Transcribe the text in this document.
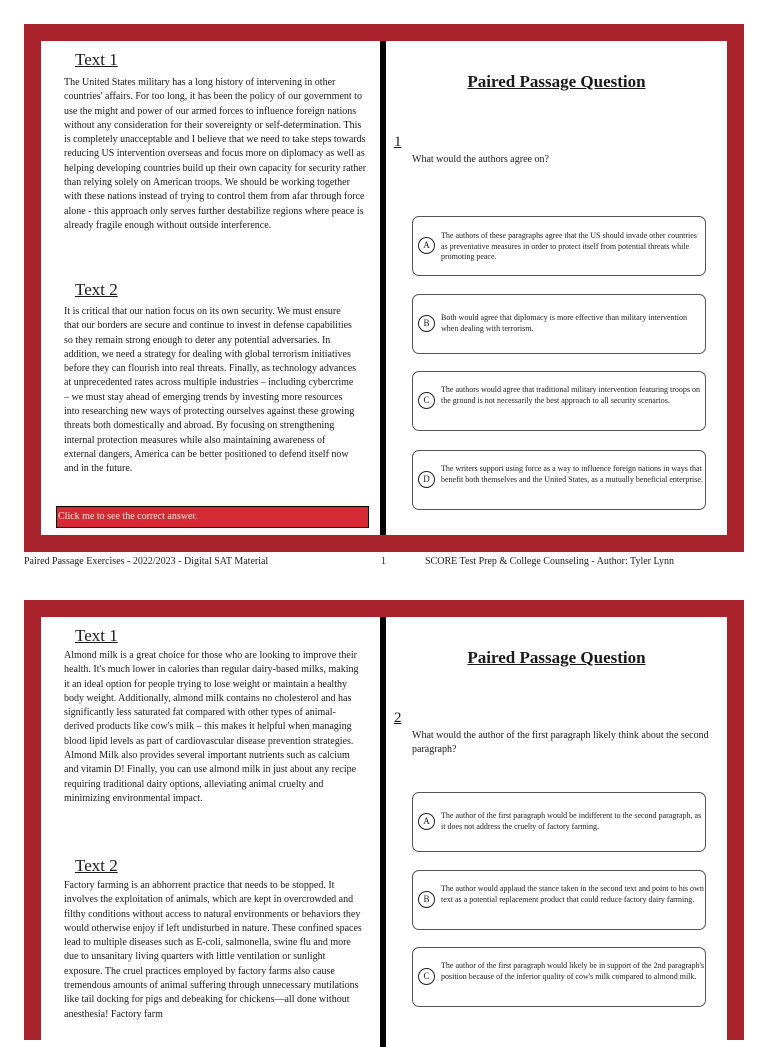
Text 1

The United States military has a long history of intervening in other countries' affairs. For too long, it has been the policy of our government to use the might and power of our armed forces to influence foreign nations without any consideration for their sovereignty or self-determination. This is completely unacceptable and I believe that we need to take steps towards reducing US intervention overseas and focus more on diplomacy as well as helping developing countries build up their own capacity for security rather than relying solely on American troops. We should be working together with these nations instead of trying to control them from afar through force alone - this approach only serves further destabilize regions where peace is already fragile enough without outside interference.

Text 2

It is critical that our nation focus on its own security. We must ensure that our borders are secure and continue to invest in defense capabilities so they remain strong enough to deter any potential adversaries. In addition, we need a strategy for dealing with global terrorism initiatives before they can flourish into real threats. Finally, as technology advances at unprecedented rates across multiple industries – including cybercrime – we must stay ahead of emerging trends by investing more resources into researching new ways of protecting ourselves against these growing threats both domestically and abroad. By focusing on strengthening internal protection measures while also maintaining awareness of external dangers, America can be better positioned to defend itself now and in the future.

Click me to see the correct answer.
Paired Passage Question
1

What would the authors agree on?

A
The authors of these paragraphs agree that the US should invade other countries as preventative measures in order to protect itself from potential threats while promoting peace.
B
Both would agree that diplomacy is more effective than military intervention when dealing with terrorism.
C
The authors would agree that traditional military intervention featuring troops on the ground is not necessarily the best approach to all security scenarios.
D
The writers support using force as a way to influence foreign nations in ways that benefit both themselves and the United States, as a mutually beneficial enterprise.
Paired Passage Exercises - 2022/2023 - Digital SAT Material	1	SCORE Test Prep & College Counseling - Author: Tyler Lynn
Text 1

Almond milk is a great choice for those who are looking to improve their health. It's much lower in calories than regular dairy-based milks, making it an ideal option for people trying to lose weight or maintain a healthy body weight. Additionally, almond milk contains no cholesterol and has significantly less saturated fat compared with other types of animal-derived products like cow's milk – this makes it helpful when managing blood lipid levels as part of cardiovascular disease prevention strategies. Almond Milk also provides several important nutrients such as calcium and vitamin D! Finally, you can use almond milk in just about any recipe requiring traditional dairy options, alleviating animal cruelty and minimizing environmental impact.

Text 2

Factory farming is an abhorrent practice that needs to be stopped. It involves the exploitation of animals, which are kept in overcrowded and filthy conditions without access to natural environments or behaviors they would otherwise enjoy if left undisturbed in nature. These confined spaces lead to multiple diseases such as E-coli, salmonella, swine flu and more due to unsanitary living quarters with little ventilation or sunlight exposure. The cruel practices employed by factory farms also cause tremendous amounts of animal suffering through unnecessary mutilations like tail docking for pigs and debeaking for chickens—all done without anesthesia! Factory farm

Paired Passage Question
2

What would the author of the first paragraph likely think about the second paragraph?

A
The author of the first paragraph would be indifferent to the second paragraph, as it does not address the cruelty of factory farming.
B
The author would applaud the stance taken in the second text and point to his own text as a potential replacement product that could reduce factory dairy farming.
C
The author of the first paragraph would likely be in support of the 2nd paragraph's position because of the inferior quality of cow's milk compared to almond milk.
